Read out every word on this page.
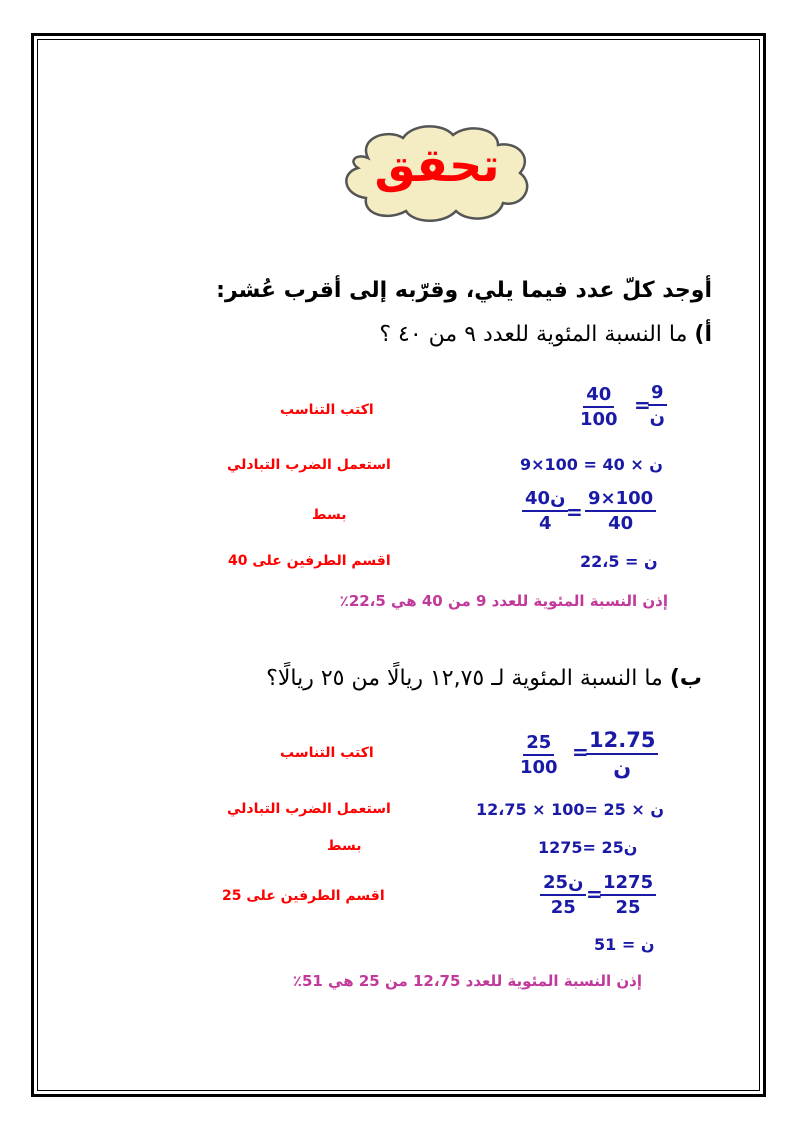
تحقق
أوجد كلّ عدد فيما يلي، وقرّبه إلى أقرب عُشر:
أ) ما النسبة المئوية للعدد ٩ من ٤٠ ؟
$\frac{40}{100}$ =
9
ن
اكتب التناسب
9×100 = 40 × ن
استعمل الضرب التبادلي
40ن
$4 = \frac{9\times 100}{40}$
بسط
22،5 = ن
اقسم الطرفين على 40
إذن النسبة المئوية للعدد 9 من 40 هي 22،5٪
ب) ما النسبة المئوية لـ ١٢,٧٥ ريالًا من ٢٥ ريالًا؟
$\frac{25}{100} = 12.75$
ن
اكتب التناسب
12،75 × 100= 25 × ن
استعمل الضرب التبادلي
1275= 25ن
بسط
25ن
25
=
$\frac{1275}{25}$
اقسم الطرفين على 25
51 = ن
إذن النسبة المئوية للعدد 12،75 من 25 هي 51٪
